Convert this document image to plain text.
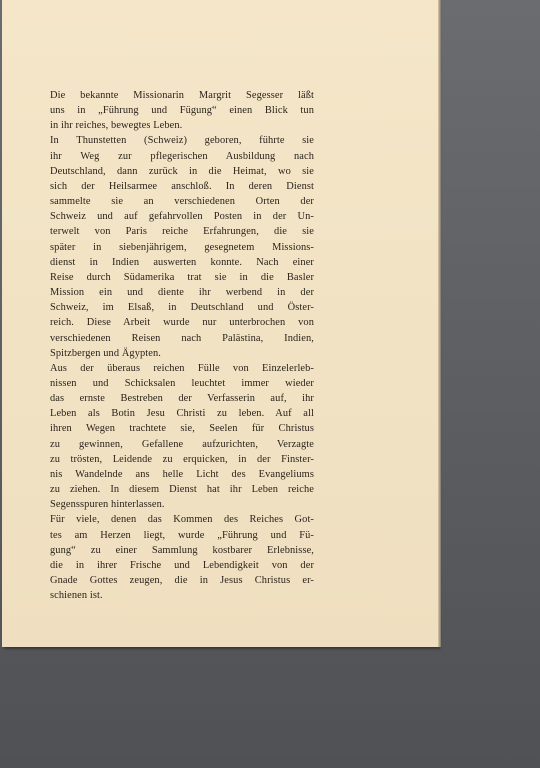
Die bekannte Missionarin Margrit Segesser läßt
uns in „Führung und Fügung“ einen Blick tun
in ihr reiches, bewegtes Leben.

In Thunstetten (Schweiz) geboren, führte sie
ihr Weg zur pflegerischen Ausbildung nach
Deutschland, dann zurück in die Heimat, wo sie
sich der Heilsarmee anschloß. In deren Dienst
sammelte sie an verschiedenen Orten der
Schweiz und auf gefahrvollen Posten in der Un-
terwelt von Paris reiche Erfahrungen, die sie
später in siebenjährigem, gesegnetem Missions-
dienst in Indien auswerten konnte. Nach einer
Reise durch Südamerika trat sie in die Basler
Mission ein und diente ihr werbend in der
Schweiz, im Elsaß, in Deutschland und Öster-
reich. Diese Arbeit wurde nur unterbrochen von
verschiedenen Reisen nach Palästina, Indien,
Spitzbergen und Ägypten.

Aus der überaus reichen Fülle von Einzelerleb-
nissen und Schicksalen leuchtet immer wieder
das ernste Bestreben der Verfasserin auf, ihr
Leben als Botin Jesu Christi zu leben. Auf all
ihren Wegen trachtete sie, Seelen für Christus
zu gewinnen, Gefallene aufzurichten, Verzagte
zu trösten, Leidende zu erquicken, in der Finster-
nis Wandelnde ans helle Licht des Evangeliums
zu ziehen. In diesem Dienst hat ihr Leben reiche
Segensspuren hinterlassen.

Für viele, denen das Kommen des Reiches Got-
tes am Herzen liegt, wurde „Führung und Fü-
gung“ zu einer Sammlung kostbarer Erlebnisse,
die in ihrer Frische und Lebendigkeit von der
Gnade Gottes zeugen, die in Jesus Christus er-
schienen ist.
